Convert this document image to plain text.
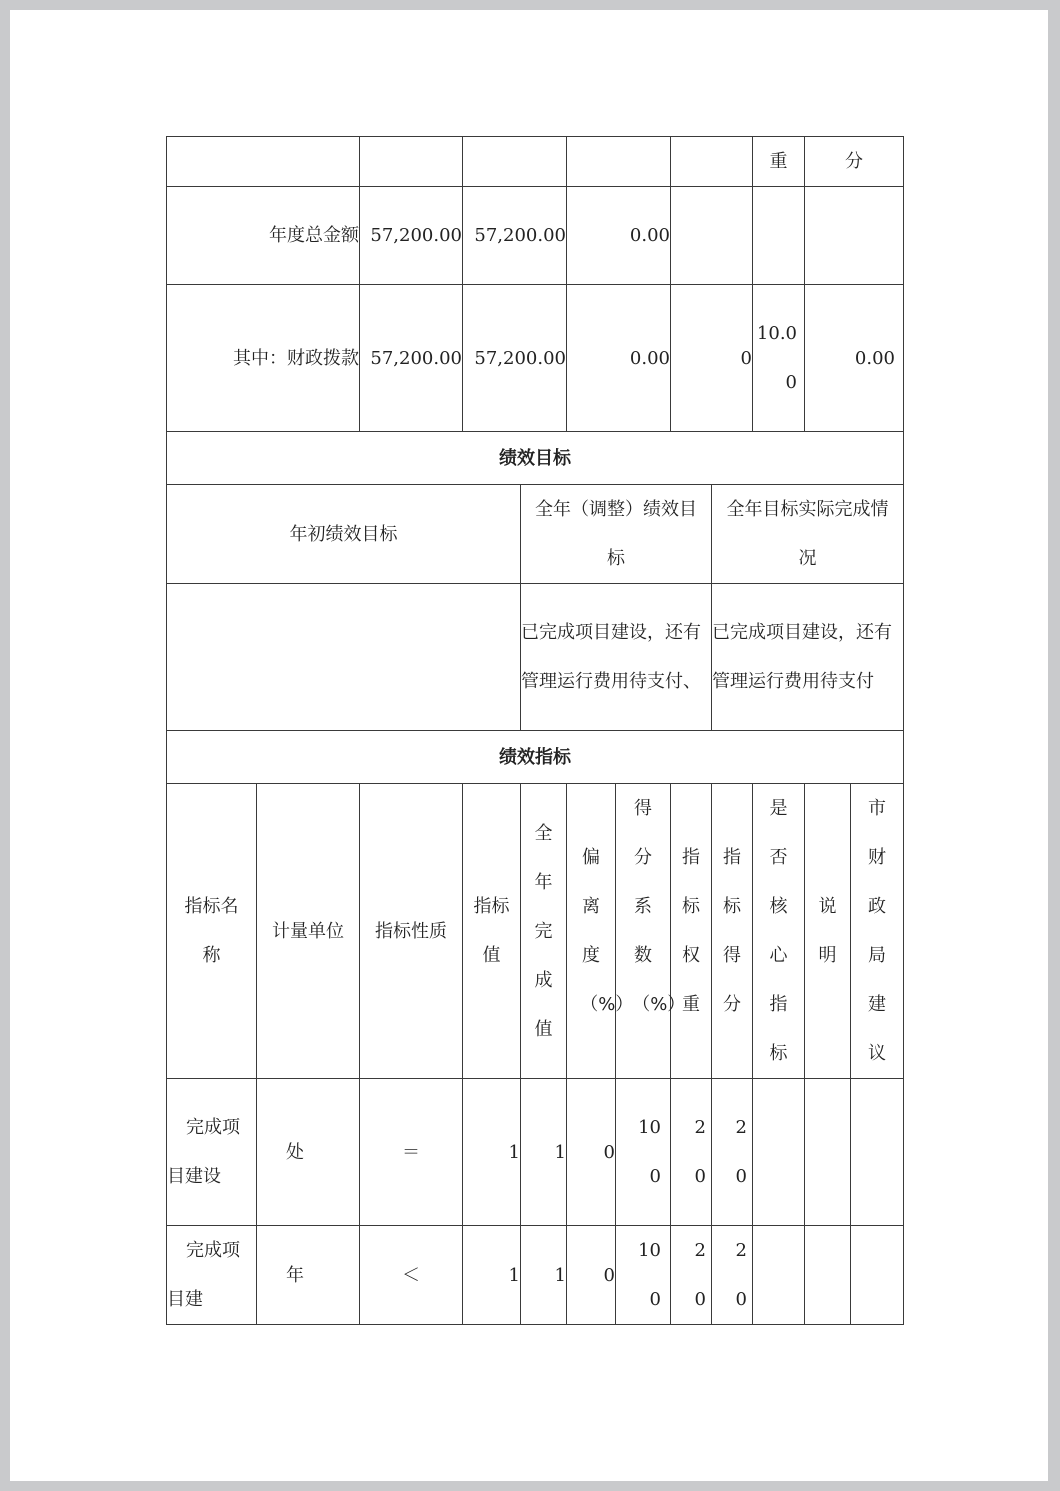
									重	分	
年度总金额		57,200.00	57,200.00		0.00						
其中：财政拨款		57,200.00	57,200.00		0.00		0		10.00	0.00	
绩效目标											
年初绩效目标				全年（调整）绩效目标				全年目标实际完成情况			
				已完成项目建设，还有管理运行费用待支付、				已完成项目建设，还有管理运行费用待支付			
绩效指标											
指标名称	计量单位	指标性质	指标值	全年完成值	偏离度（%）	得分系数（%）	指标权重	指标得分	是否核心指标	说明	市财政局建议

完成项目建设	处	＝	1	1	0	100	20	20			
完成项目建	年	＜	1	1	0	100	20	20			
